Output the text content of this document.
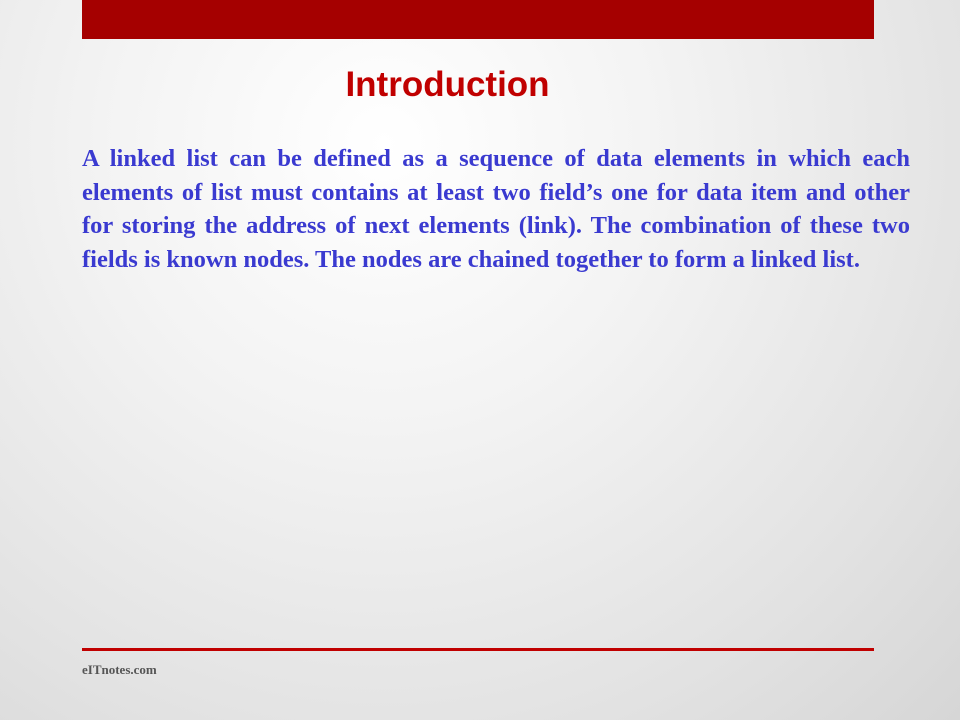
Introduction

A linked list can be defined as a sequence of data elements in which each elements of list must contains at least two field’s one for data item and other for storing the address of next elements (link). The combination of these two fields is known nodes. The nodes are chained together to form a linked list.

eITnotes.com
